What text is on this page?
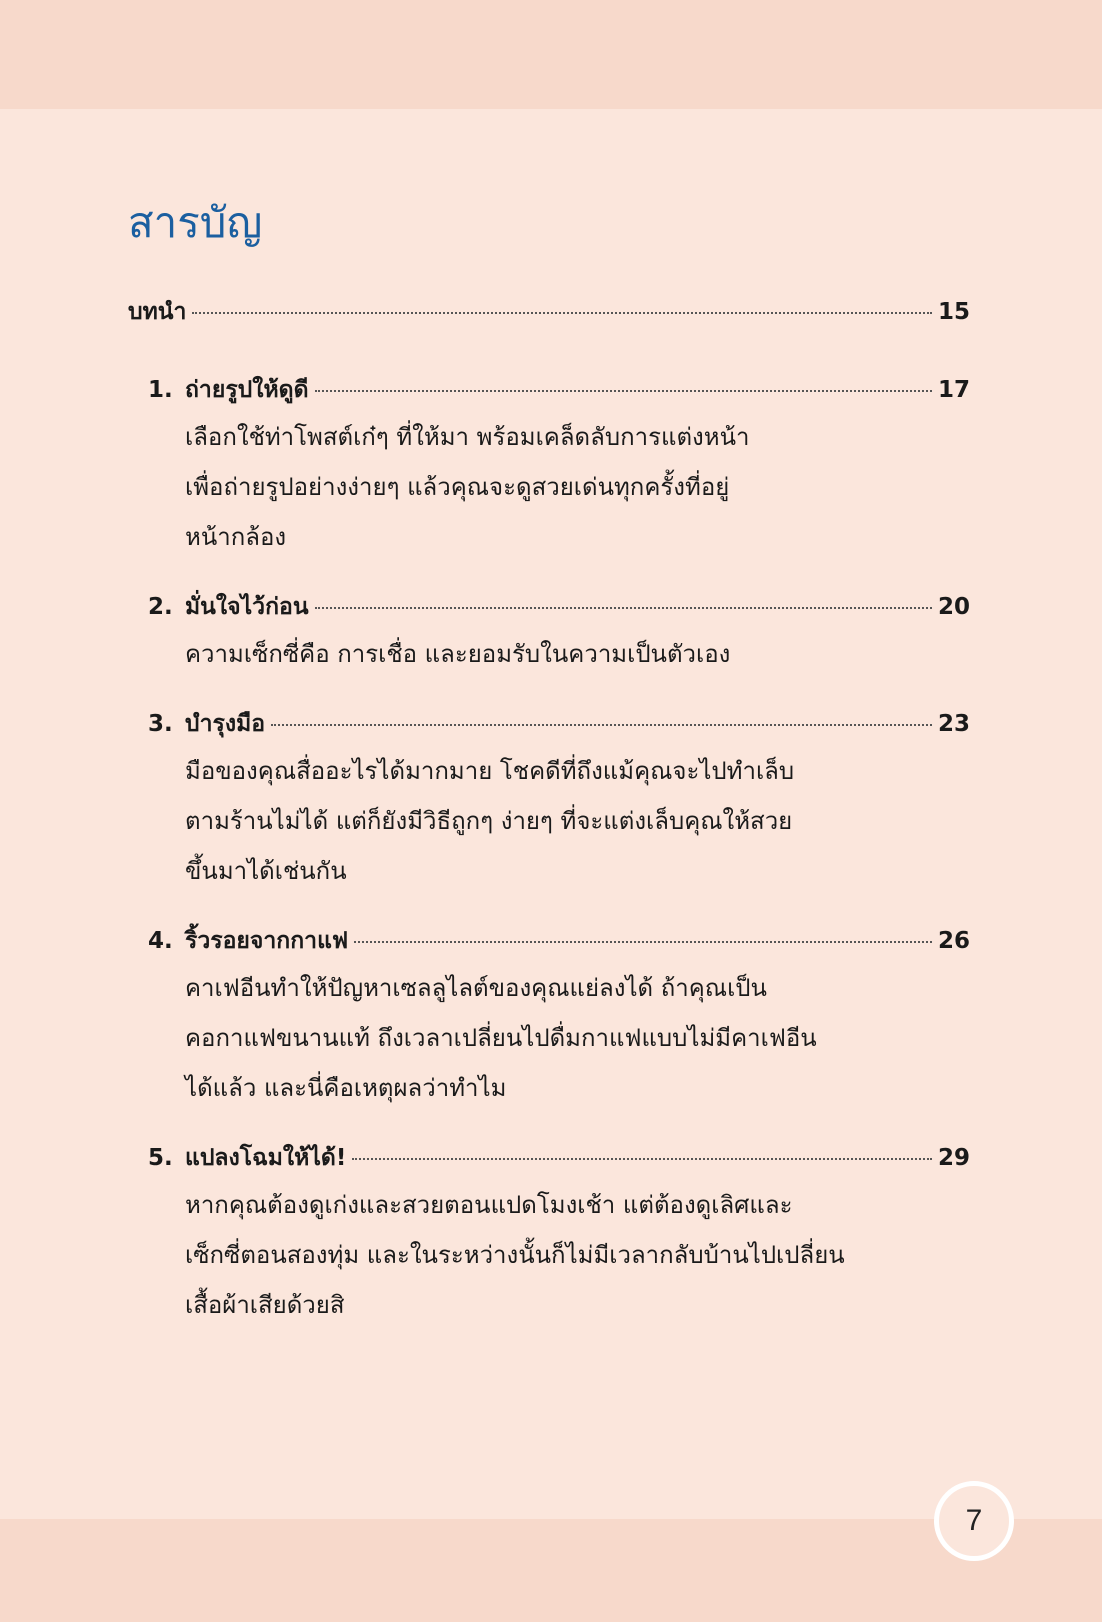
สารบัญ
บทนำ	15
1. ถ่ายรูปให้ดูดี	17
เลือกใช้ท่าโพสต์เก๋ๆ ที่ให้มา พร้อมเคล็ดลับการแต่งหน้า
เพื่อถ่ายรูปอย่างง่ายๆ แล้วคุณจะดูสวยเด่นทุกครั้งที่อยู่
หน้ากล้อง
2. มั่นใจไว้ก่อน	20
ความเซ็กซี่คือ การเชื่อ และยอมรับในความเป็นตัวเอง
3. บำรุงมือ	23
มือของคุณสื่ออะไรได้มากมาย โชคดีที่ถึงแม้คุณจะไปทำเล็บ
ตามร้านไม่ได้ แต่ก็ยังมีวิธีถูกๆ ง่ายๆ ที่จะแต่งเล็บคุณให้สวย
ขึ้นมาได้เช่นกัน
4. ริ้วรอยจากกาแฟ	26
คาเฟอีนทำให้ปัญหาเซลลูไลต์ของคุณแย่ลงได้ ถ้าคุณเป็น
คอกาแฟขนานแท้ ถึงเวลาเปลี่ยนไปดื่มกาแฟแบบไม่มีคาเฟอีน
ได้แล้ว และนี่คือเหตุผลว่าทำไม
5. แปลงโฉมให้ได้!	29
หากคุณต้องดูเก่งและสวยตอนแปดโมงเช้า แต่ต้องดูเลิศและ
เซ็กซี่ตอนสองทุ่ม และในระหว่างนั้นก็ไม่มีเวลากลับบ้านไปเปลี่ยน
เสื้อผ้าเสียด้วยสิ
7
